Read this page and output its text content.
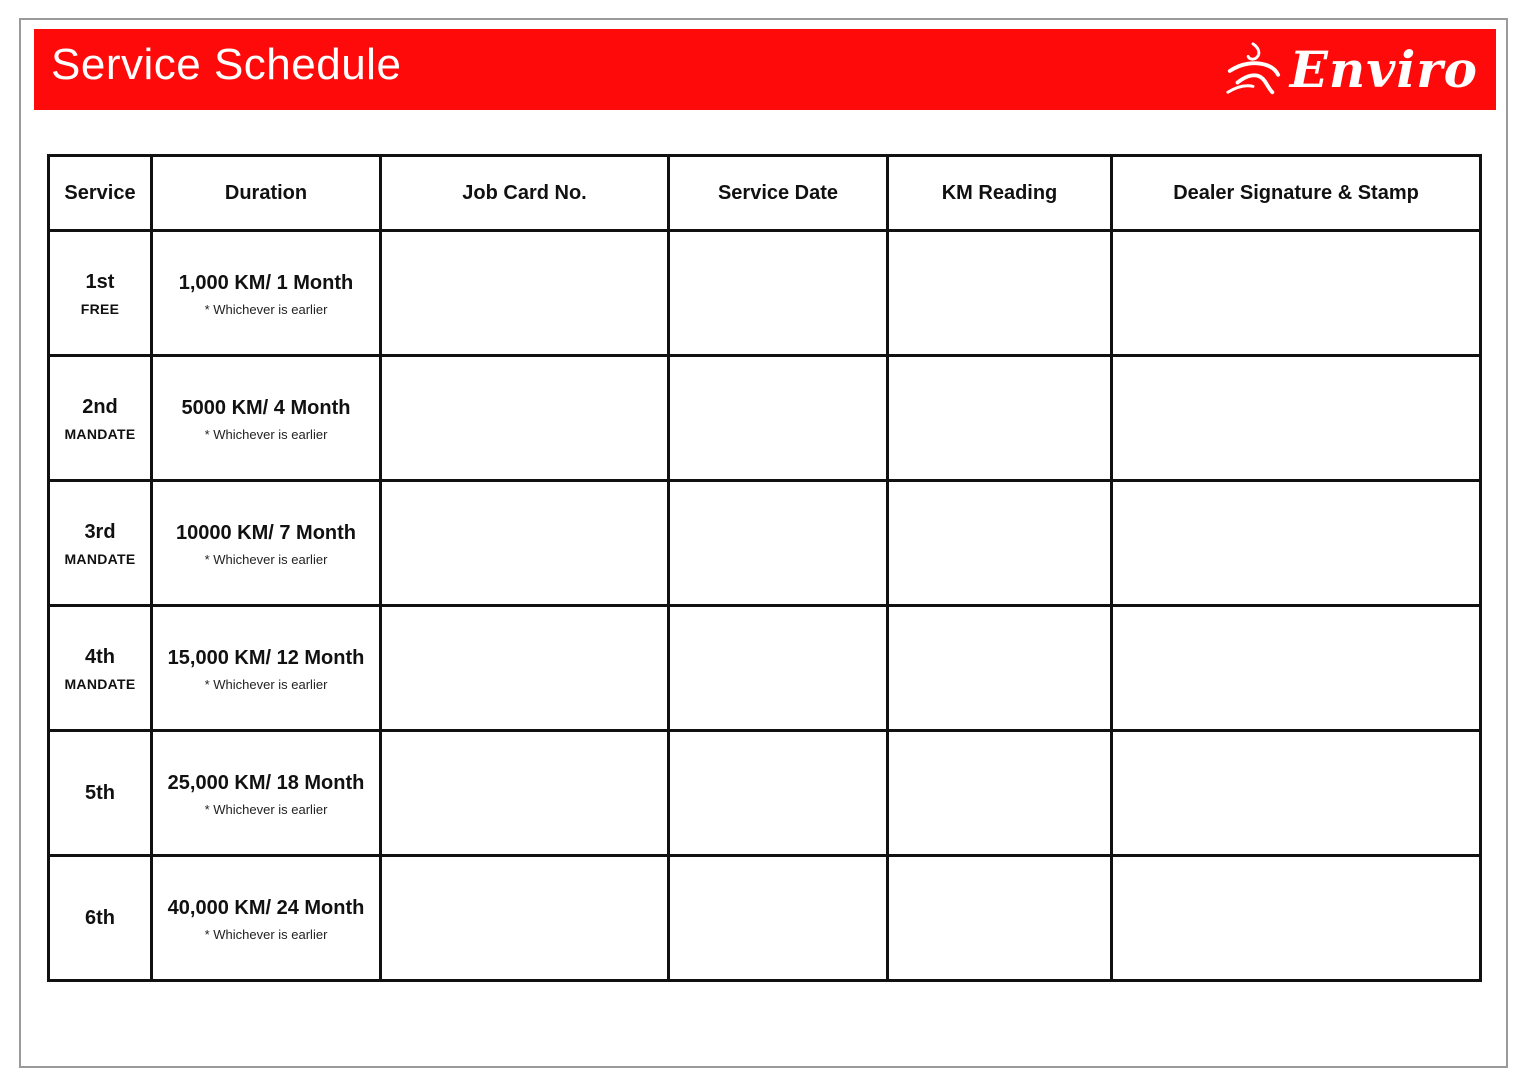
Service Schedule	Enviro
Service	Duration	Job Card No.	Service Date	KM Reading	Dealer Signature & Stamp

1st
FREE	1,000 KM/ 1 Month
* Whichever is earlier				

2nd
MANDATE	5000 KM/ 4 Month
* Whichever is earlier				

3rd
MANDATE	10000 KM/ 7 Month
* Whichever is earlier				

4th
MANDATE	15,000 KM/ 12 Month
* Whichever is earlier				

5th	25,000 KM/ 18 Month
* Whichever is earlier				

6th	40,000 KM/ 24 Month
* Whichever is earlier				
